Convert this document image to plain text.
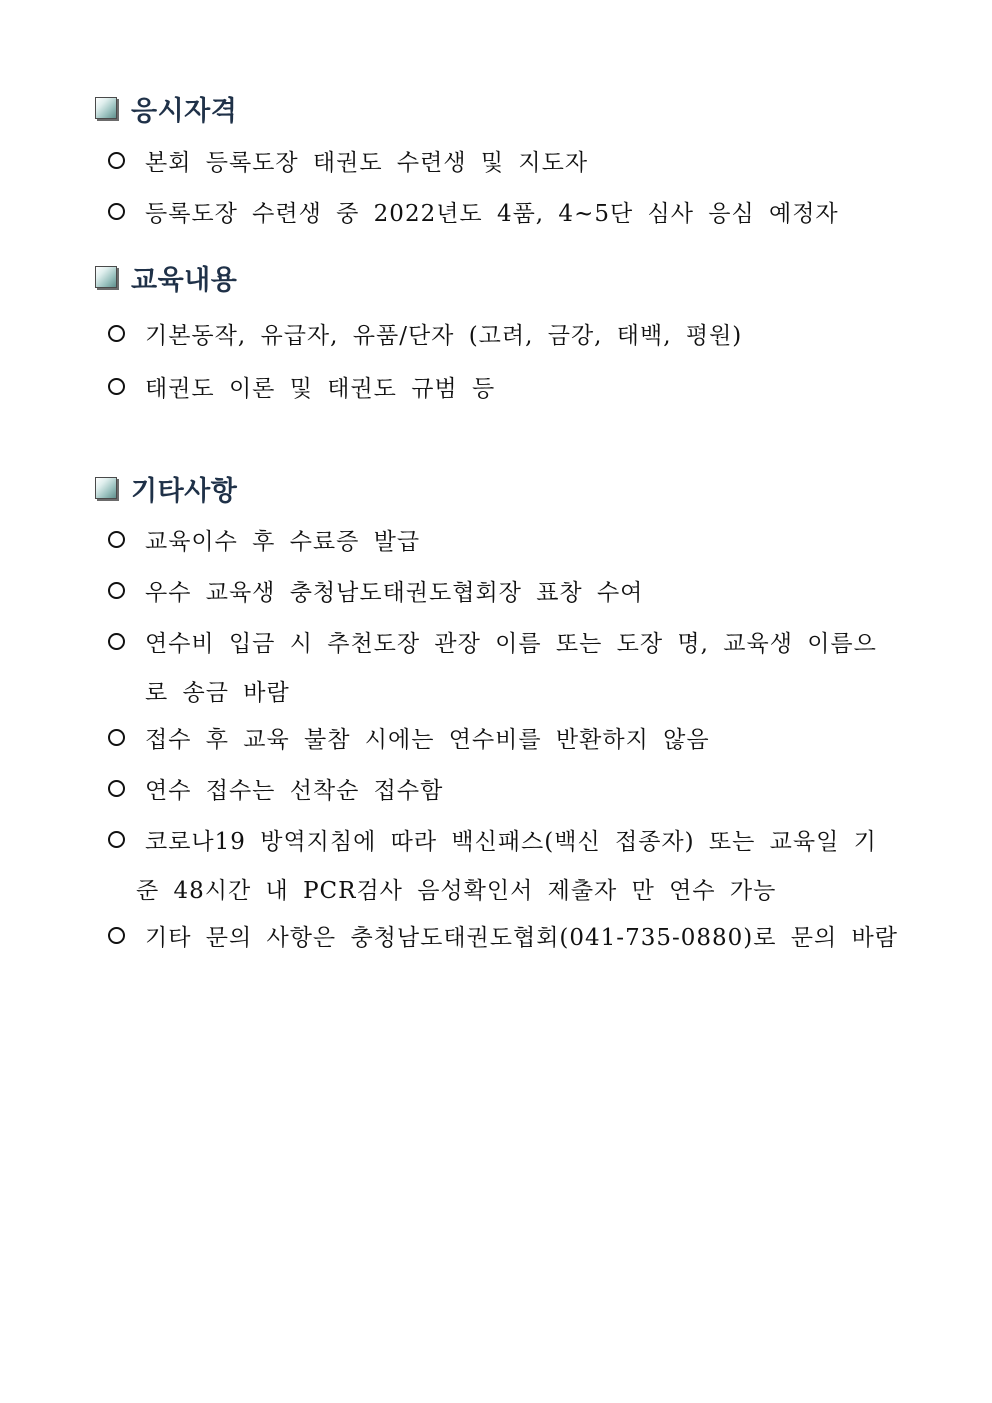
응시자격
본회 등록도장 태권도 수련생 및 지도자
등록도장 수련생 중 2022년도 4품, 4~5단 심사 응심 예정자
교육내용
기본동작, 유급자, 유품/단자 (고려, 금강, 태백, 평원)
태권도 이론 및 태권도 규범 등
기타사항
교육이수 후 수료증 발급
우수 교육생 충청남도태권도협회장 표창 수여
연수비 입금 시 추천도장 관장 이름 또는 도장 명, 교육생 이름으
로 송금 바람
접수 후 교육 불참 시에는 연수비를 반환하지 않음
연수 접수는 선착순 접수함
코로나19 방역지침에 따라 백신패스(백신 접종자) 또는 교육일 기
준 48시간 내 PCR검사 음성확인서 제출자 만 연수 가능
기타 문의 사항은 충청남도태권도협회(041-735-0880)로 문의 바람
